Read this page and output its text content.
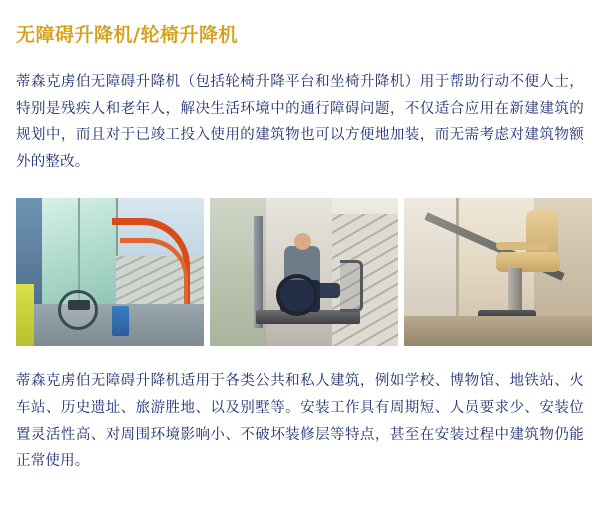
无障碍升降机/轮椅升降机

蒂森克虏伯无障碍升降机（包括轮椅升降平台和坐椅升降机）用于帮助行动不便人士，特别是残疾人和老年人，解决生活环境中的通行障碍问题，不仅适合应用在新建建筑的规划中，而且对于已竣工投入使用的建筑物也可以方便地加装，而无需考虑对建筑物额外的整改。

蒂森克虏伯无障碍升降机适用于各类公共和私人建筑，例如学校、博物馆、地铁站、火车站、历史遗址、旅游胜地、以及别墅等。安装工作具有周期短、人员要求少、安装位置灵活性高、对周围环境影响小、不破坏装修层等特点，甚至在安装过程中建筑物仍能正常使用。
